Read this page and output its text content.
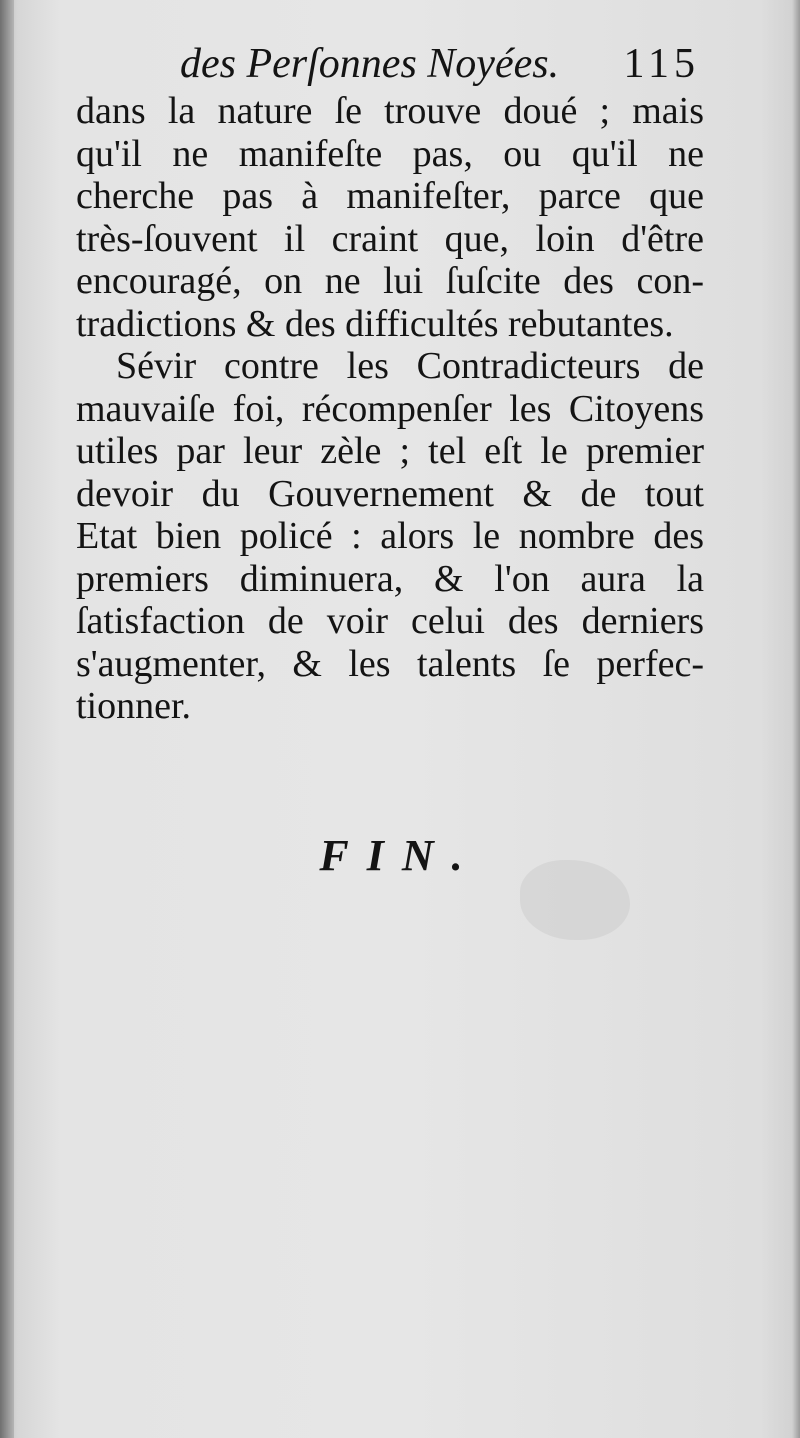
des Perſonnes Noyées. 115
dans la nature ſe trouve doué ; mais
qu'il ne manifeſte pas, ou qu'il ne
cherche pas à manifeſter, parce que
très-ſouvent il craint que, loin d'être
encouragé, on ne lui ſuſcite des con-
tradictions & des difficultés rebutantes.
Sévir contre les Contradicteurs de
mauvaiſe foi, récompenſer les Citoyens
utiles par leur zèle ; tel eſt le premier
devoir du Gouvernement & de tout
Etat bien policé : alors le nombre des
premiers diminuera, & l'on aura la
ſatisfaction de voir celui des derniers
s'augmenter, & les talents ſe perfec-
tionner.
FIN.
